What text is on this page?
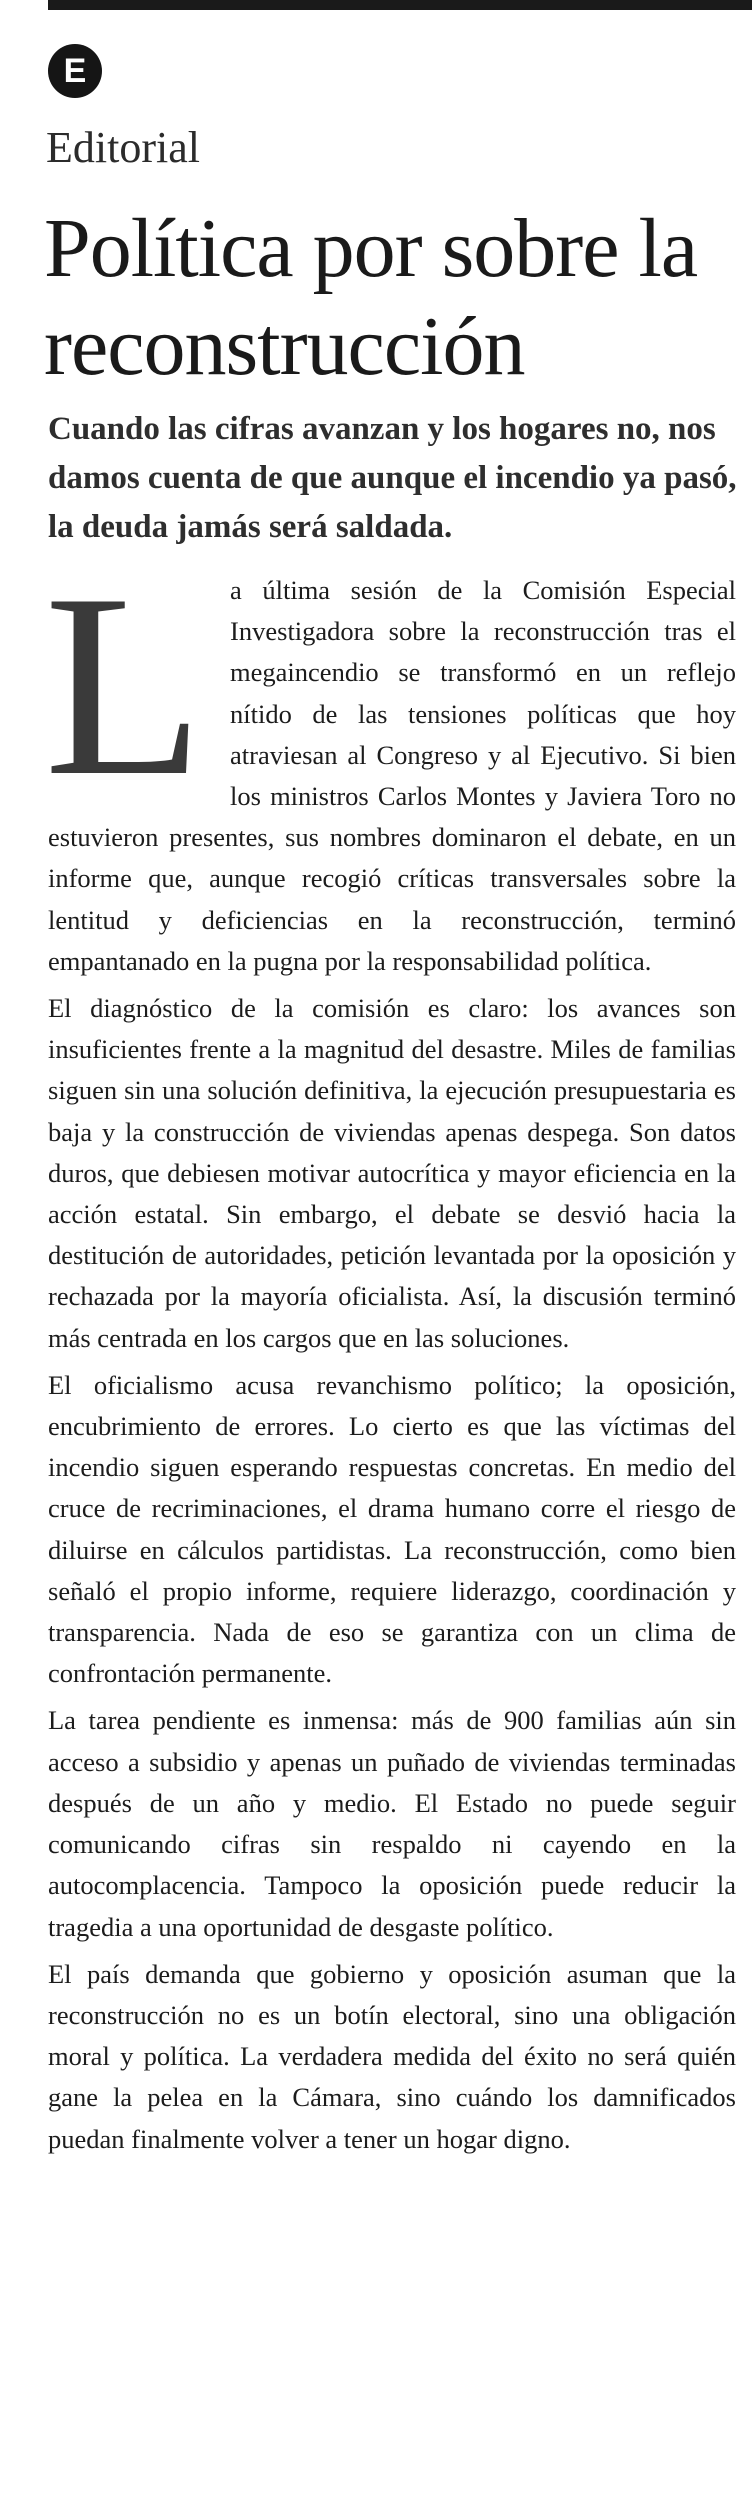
E
Editorial
Política por sobre la reconstrucción

Cuando las cifras avanzan y los hogares no, nos damos cuenta de que aunque el incendio ya pasó, la deuda jamás será saldada.

La última sesión de la Comisión Especial Investigadora sobre la reconstrucción tras el megaincendio se transformó en un reflejo nítido de las tensiones políticas que hoy atraviesan al Congreso y al Ejecutivo. Si bien los ministros Carlos Montes y Javiera Toro no estuvieron presentes, sus nombres dominaron el debate, en un informe que, aunque recogió críticas transversales sobre la lentitud y deficiencias en la reconstrucción, terminó empantanado en la pugna por la responsabilidad política.

El diagnóstico de la comisión es claro: los avances son insuficientes frente a la magnitud del desastre. Miles de familias siguen sin una solución definitiva, la ejecución presupuestaria es baja y la construcción de viviendas apenas despega. Son datos duros, que debiesen motivar autocrítica y mayor eficiencia en la acción estatal. Sin embargo, el debate se desvió hacia la destitución de autoridades, petición levantada por la oposición y rechazada por la mayoría oficialista. Así, la discusión terminó más centrada en los cargos que en las soluciones.

El oficialismo acusa revanchismo político; la oposición, encubrimiento de errores. Lo cierto es que las víctimas del incendio siguen esperando respuestas concretas. En medio del cruce de recriminaciones, el drama humano corre el riesgo de diluirse en cálculos partidistas. La reconstrucción, como bien señaló el propio informe, requiere liderazgo, coordinación y transparencia. Nada de eso se garantiza con un clima de confrontación permanente.

La tarea pendiente es inmensa: más de 900 familias aún sin acceso a subsidio y apenas un puñado de viviendas terminadas después de un año y medio. El Estado no puede seguir comunicando cifras sin respaldo ni cayendo en la autocomplacencia. Tampoco la oposición puede reducir la tragedia a una oportunidad de desgaste político.

El país demanda que gobierno y oposición asuman que la reconstrucción no es un botín electoral, sino una obligación moral y política. La verdadera medida del éxito no será quién gane la pelea en la Cámara, sino cuándo los damnificados puedan finalmente volver a tener un hogar digno.
